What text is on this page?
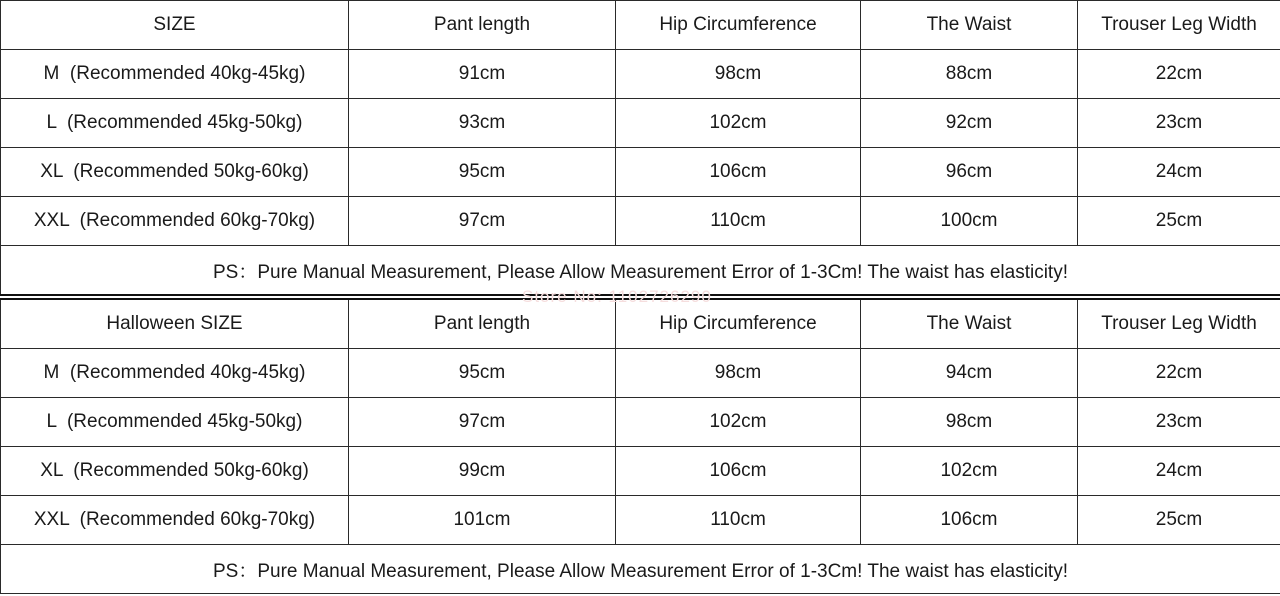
SIZE	Pant length	Hip Circumference	The Waist	Trouser Leg Width
M  (Recommended 40kg-45kg)	91cm	98cm	88cm	22cm
L  (Recommended 45kg-50kg)	93cm	102cm	92cm	23cm
XL  (Recommended 50kg-60kg)	95cm	106cm	96cm	24cm
XXL  (Recommended 60kg-70kg)	97cm	110cm	100cm	25cm
PS：Pure Manual Measurement, Please Allow Measurement Error of 1-3Cm! The waist has elasticity!				
Halloween SIZE	Pant length	Hip Circumference	The Waist	Trouser Leg Width
M  (Recommended 40kg-45kg)	95cm	98cm	94cm	22cm
L  (Recommended 45kg-50kg)	97cm	102cm	98cm	23cm
XL  (Recommended 50kg-60kg)	99cm	106cm	102cm	24cm
XXL  (Recommended 60kg-70kg)	101cm	110cm	106cm	25cm
PS：Pure Manual Measurement, Please Allow Measurement Error of 1-3Cm! The waist has elasticity!				
Store No: 1102726290
